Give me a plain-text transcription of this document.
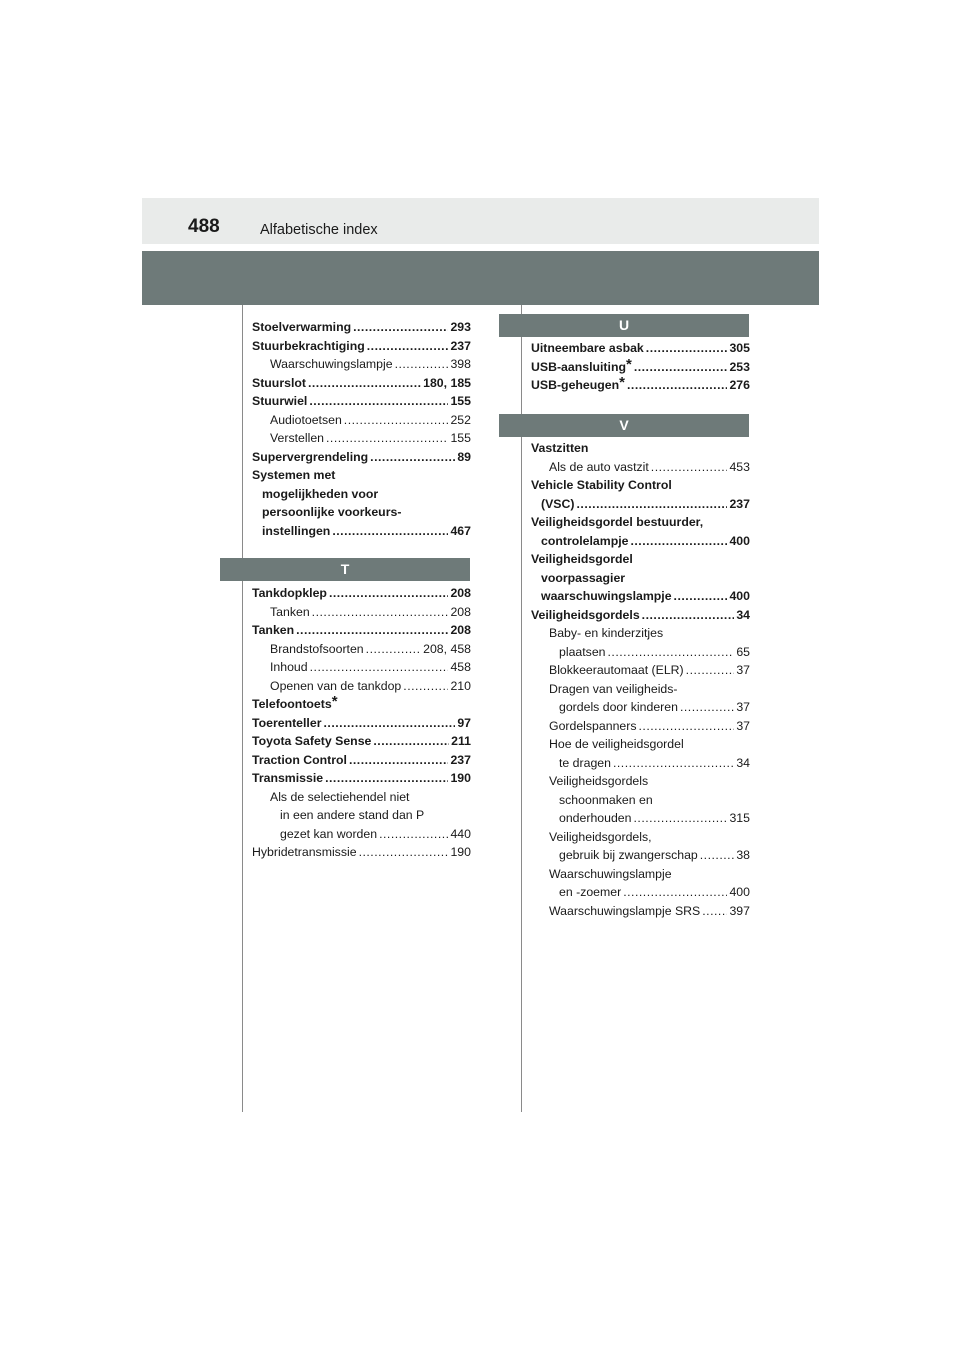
488	Alfabetische index
Stoelverwarming .....	293
Stuurbekrachtiging .....	237
Waarschuwingslampje .....	398
Stuurslot .....	180, 185
Stuurwiel .....	155
Audiotoetsen .....	252
Verstellen .....	155
Supervergrendeling .....	89
Systemen met
mogelijkheden voor
persoonlijke voorkeurs-
instellingen .....	467
T
Tankdopklep .....	208
Tanken .....	208
Tanken .....	208
Brandstofsoorten .....	208, 458
Inhoud .....	458
Openen van de tankdop .....	210
Telefoontoets*
Toerenteller .....	97
Toyota Safety Sense .....	211
Traction Control .....	237
Transmissie .....	190
Als de selectiehendel niet
in een andere stand dan P
gezet kan worden .....	440
Hybridetransmissie .....	190
U
Uitneembare asbak .....	305
USB-aansluiting* .....	253
USB-geheugen* .....	276
V
Vastzitten
Als de auto vastzit .....	453
Vehicle Stability Control
(VSC) .....	237
Veiligheidsgordel bestuurder,
controlelampje .....	400
Veiligheidsgordel
voorpassagier
waarschuwingslampje .....	400
Veiligheidsgordels .....	34
Baby- en kinderzitjes
plaatsen .....	65
Blokkeerautomaat (ELR) .....	37
Dragen van veiligheids-
gordels door kinderen .....	37
Gordelspanners .....	37
Hoe de veiligheidsgordel
te dragen .....	34
Veiligheidsgordels
schoonmaken en
onderhouden .....	315
Veiligheidsgordels,
gebruik bij zwangerschap .....	38
Waarschuwingslampje
en -zoemer .....	400
Waarschuwingslampje SRS ..... 397
